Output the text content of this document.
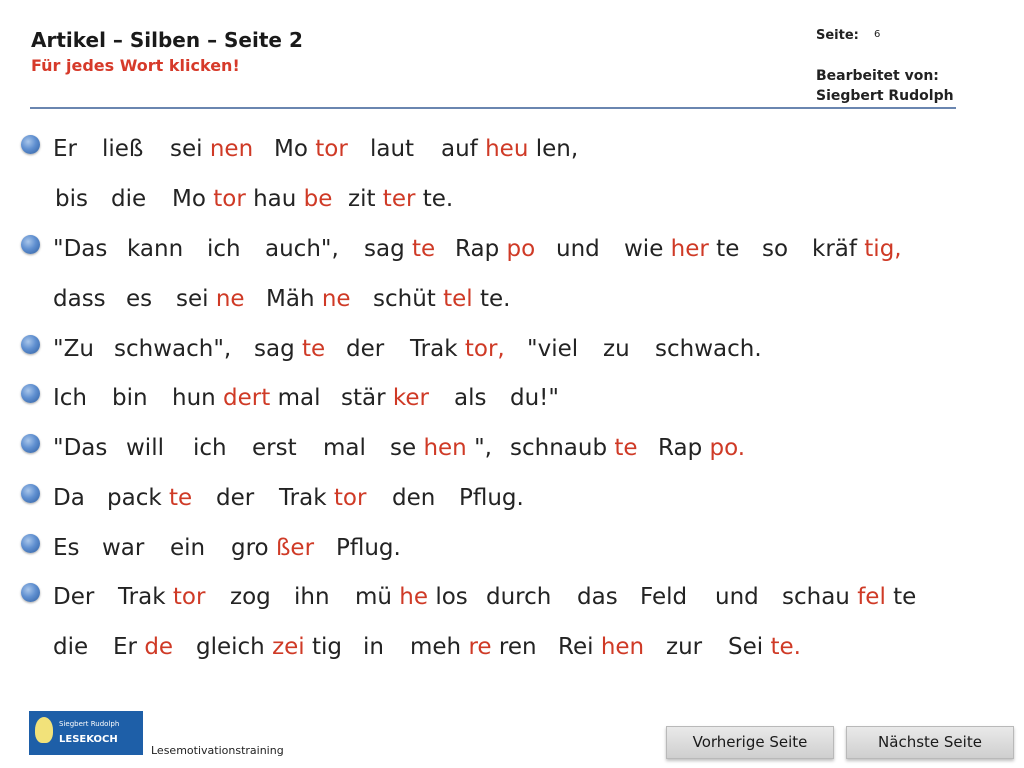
Artikel – Silben – Seite 2
Für jedes Wort klicken!
Seite: 6
Bearbeitet von:
Siegbert Rudolph
Er ließ sei nen Mo tor laut auf heu len,
bis die Mo tor hau be zit ter te.
"Das kann ich auch", sag te Rap po und wie her te so kräf tig,
dass es sei ne Mäh ne schüt tel te.
"Zu schwach", sag te der Trak tor, "viel zu schwach.
Ich bin hun dert mal stär ker als du!"
"Das will ich erst mal se hen ", schnaub te Rap po.
Da pack te der Trak tor den Pflug.
Es war ein gro ßer Pflug.
Der Trak tor zog ihn mü he los durch das Feld und schau fel te
die Er de gleich zei tig in meh re ren Rei hen zur Sei te.
Siegbert Rudolph
LESEKOCH
Lesemotivationstraining	Vorherige Seite	Nächste Seite
